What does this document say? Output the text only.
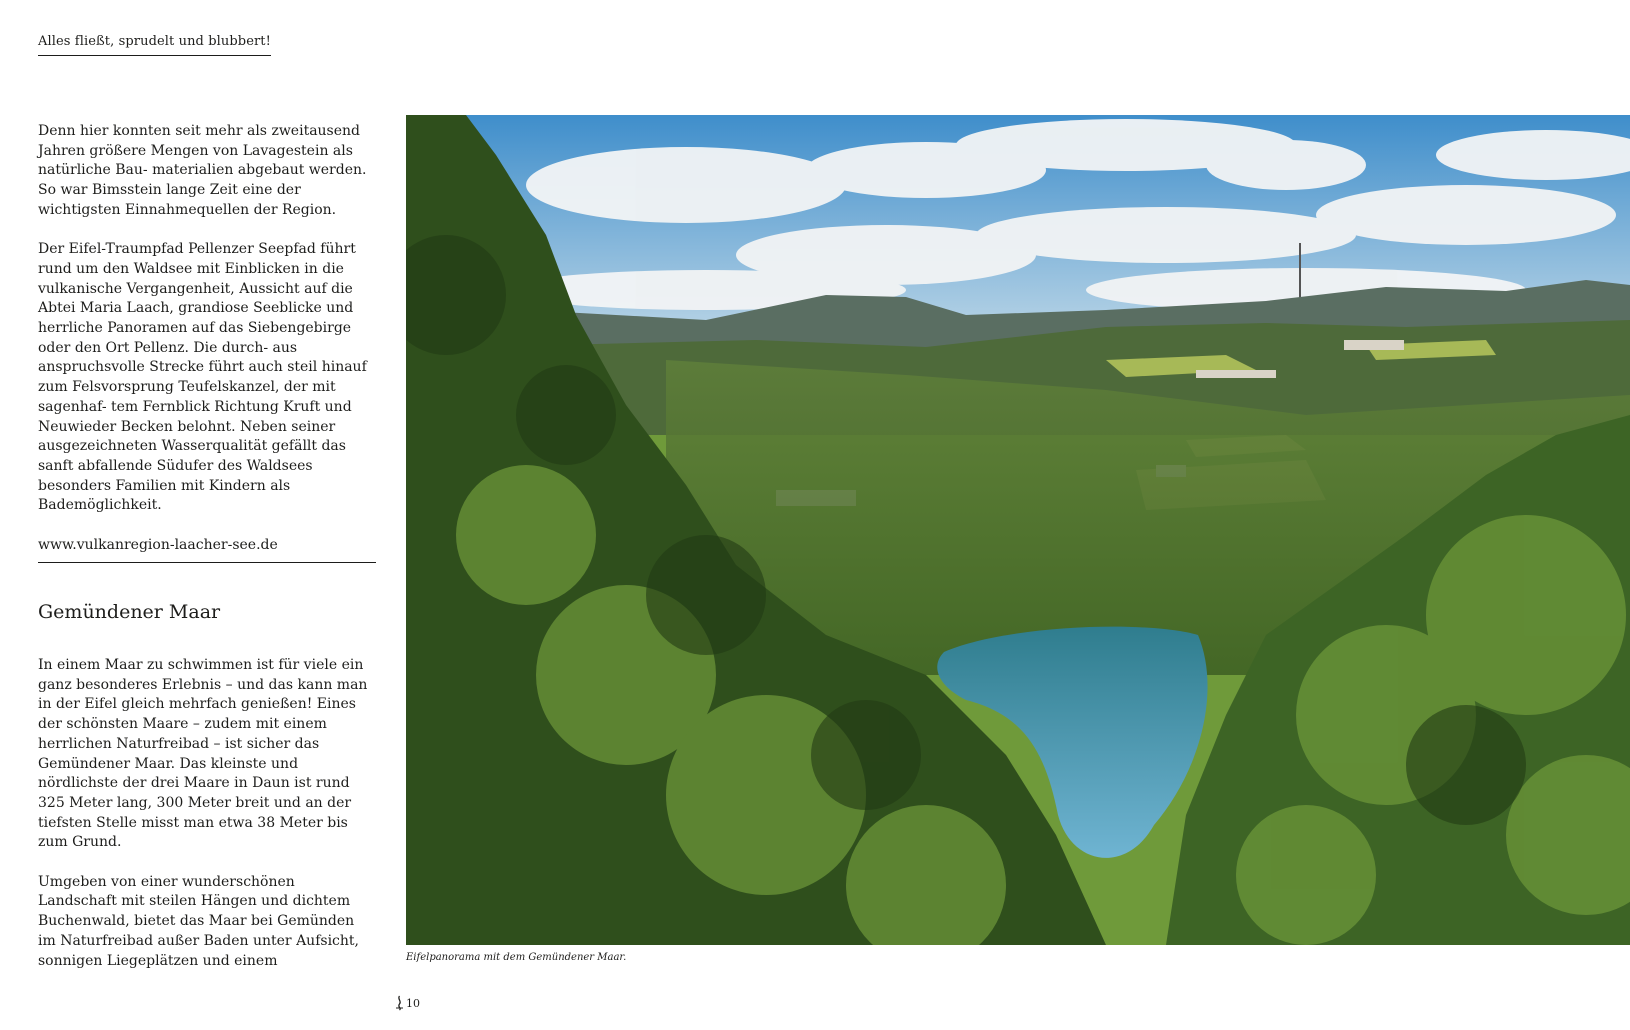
Alles fließt, sprudelt und blubbert!

Denn hier konnten seit mehr als zweitausend Jahren größere Mengen von Lavagestein als natürliche Bau- materialien abgebaut werden. So war Bimsstein lange Zeit eine der wichtigsten Einnahmequellen der Region.

Der Eifel-Traumpfad Pellenzer Seepfad führt rund um den Waldsee mit Einblicken in die vulkanische Vergangenheit, Aussicht auf die Abtei Maria Laach, grandiose Seeblicke und herrliche Panoramen auf das Siebengebirge oder den Ort Pellenz. Die durch- aus anspruchsvolle Strecke führt auch steil hinauf zum Felsvorsprung Teufelskanzel, der mit sagenhaf- tem Fernblick Richtung Kruft und Neuwieder Becken belohnt. Neben seiner ausgezeichneten Wasserqualität gefällt das sanft abfallende Südufer des Waldsees besonders Familien mit Kindern als Bademöglichkeit.

www.vulkanregion-laacher-see.de
Gemündener Maar

In einem Maar zu schwimmen ist für viele ein ganz besonderes Erlebnis – und das kann man in der Eifel gleich mehrfach genießen! Eines der schönsten Maare – zudem mit einem herrlichen Naturfreibad – ist sicher das Gemündener Maar. Das kleinste und nördlichste der drei Maare in Daun ist rund 325 Meter lang, 300 Meter breit und an der tiefsten Stelle misst man etwa 38 Meter bis zum Grund.

Umgeben von einer wunderschönen Landschaft mit steilen Hängen und dichtem Buchenwald, bietet das Maar bei Gemünden im Naturfreibad außer Baden unter Aufsicht, sonnigen Liegeplätzen und einem	Eifelpanorama mit dem Gemündener Maar.
10
